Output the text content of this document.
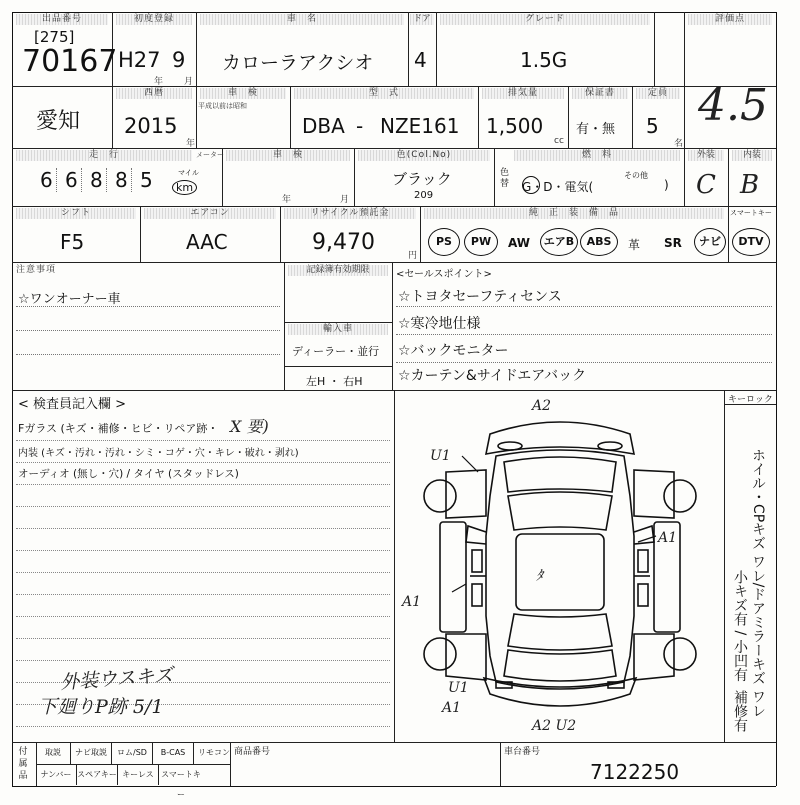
出品番号
[275]
70167
初度登録
H27 9
年 月
車　名
カローラアクシオ
ドア
4
グレード
1.5G
評価点
4.5
愛知
西暦
2015
年
車　検
平成以前は昭和
型　式
DBA - NZE161
排気量
1,500
cc
保証書
有・無
定員
5
名
走　行	メーター
6 6 8 8 5	マイル
km
車　検
年	月
色(Col.No)
ブラック
209
色替
燃　料
G・D・電気(
その他
)
外装
C
内装
B
シフト
F5
エアコン
AAC
リサイクル預託金
9,470
円
純　正　装　備　品	スマートキー
PS	PW	AW	エアB	ABS	革 SR	ナビ	DTV
注意事項
☆ワンオーナー車
記録簿有効期限
輸入車
ディーラー・並行
左H ・ 右H
<セールスポイント>
☆トヨタセーフティセンス
☆寒冷地仕様
☆バックモニター
☆カーテン&サイドエアバック
< 検査員記入欄 >
Fガラス (キズ・補修・ヒビ・リペア跡・ X 要)
内装 (キズ・汚れ・汚れ・シミ・コゲ・穴・キレ・破れ・剥れ)
オーディオ (無し・穴) / タイヤ (スタッドレス)
外装ウスキズ
下廻りP跡 5/1
キーロック
ホイル・CPキズ ワレ/ドアミラーキズ ワレ
小キズ有 / 小凹有
補修有
A2
U1
A1
A1
ﾀ
U1
A1
A2 U2
付
属
品
取説	ナビ取説	ロム/SD	B-CAS	リモコン
ナンバー スペアキー キーレス スマートキー
商品番号	車台番号
7122250
